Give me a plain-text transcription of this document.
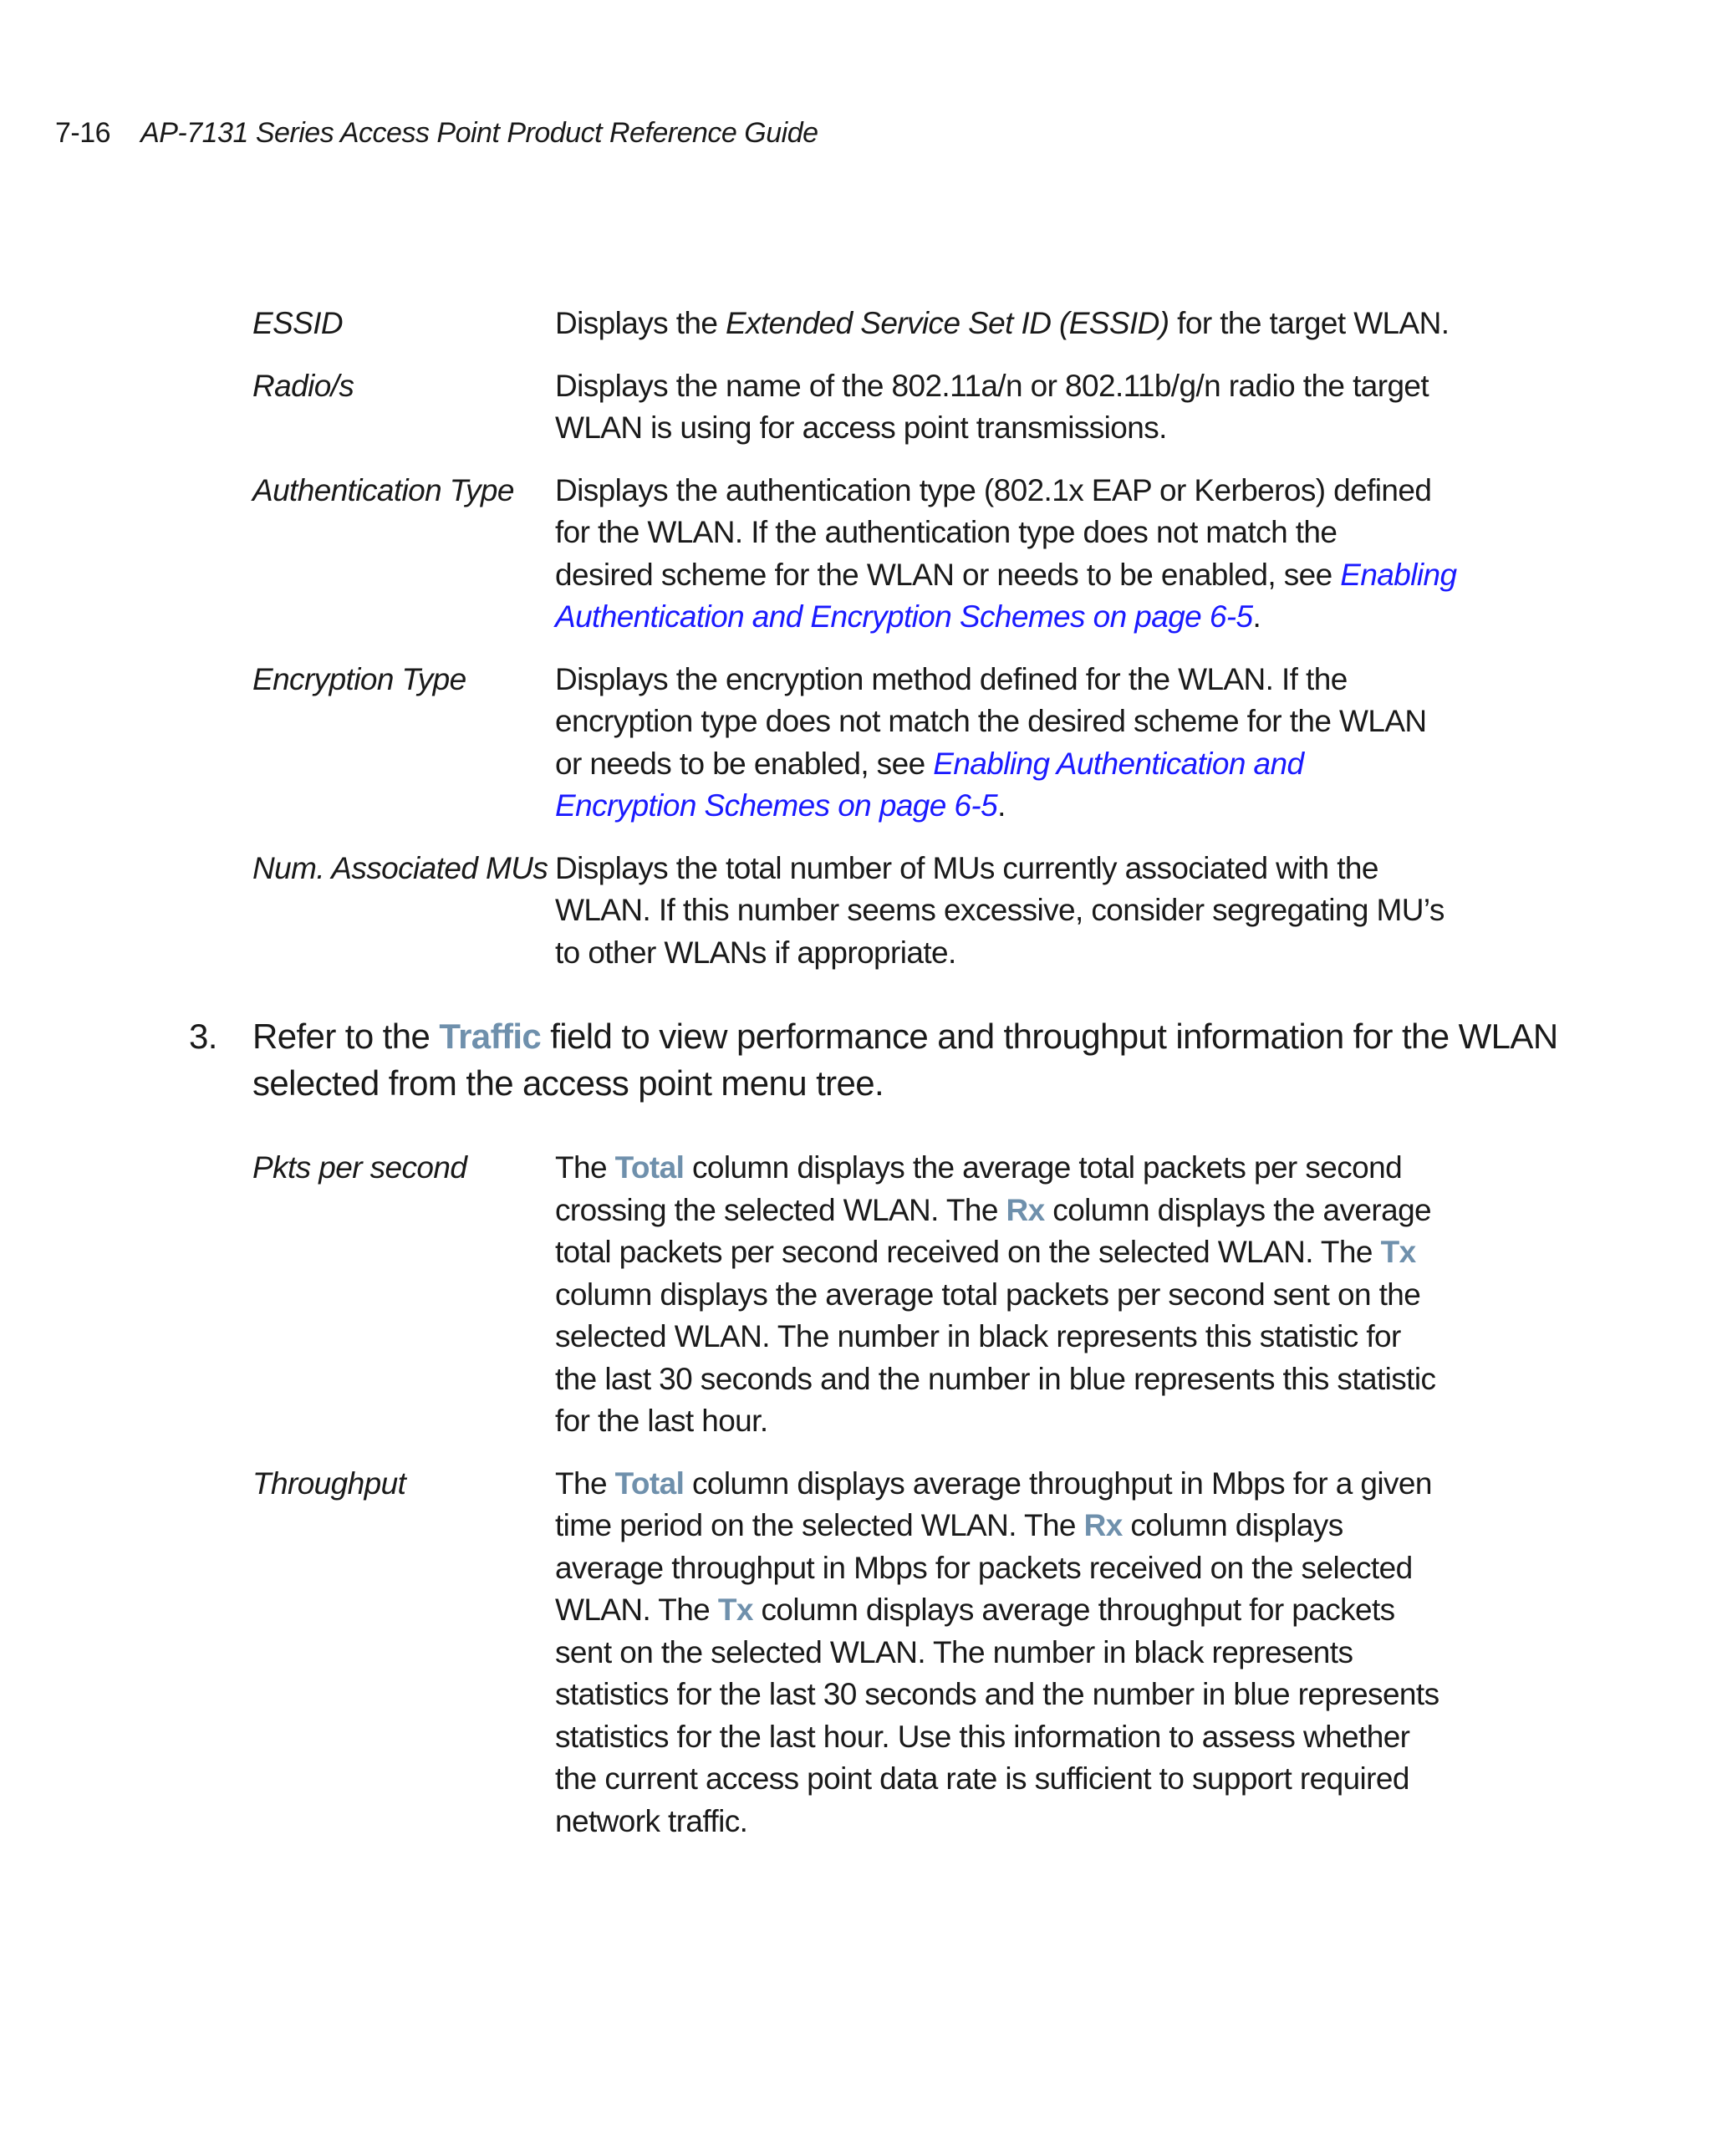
7-16 AP-7131 Series Access Point Product Reference Guide
ESSID	Displays the Extended Service Set ID (ESSID) for the target WLAN.
Radio/s	Displays the name of the 802.11a/n or 802.11b/g/n radio the target
WLAN is using for access point transmissions.
Authentication Type	Displays the authentication type (802.1x EAP or Kerberos) defined
for the WLAN. If the authentication type does not match the
desired scheme for the WLAN or needs to be enabled, see Enabling
Authentication and Encryption Schemes on page 6-5.
Encryption Type	Displays the encryption method defined for the WLAN. If the
encryption type does not match the desired scheme for the WLAN
or needs to be enabled, see Enabling Authentication and
Encryption Schemes on page 6-5.
Num. Associated MUs Displays the total number of MUs currently associated with the
WLAN. If this number seems excessive, consider segregating MU’s
to other WLANs if appropriate.
3.	Refer to the Traffic field to view performance and throughput information for the WLAN
selected from the access point menu tree.
Pkts per second	The Total column displays the average total packets per second
crossing the selected WLAN. The Rx column displays the average
total packets per second received on the selected WLAN. The Tx
column displays the average total packets per second sent on the
selected WLAN. The number in black represents this statistic for
the last 30 seconds and the number in blue represents this statistic
for the last hour.
Throughput	The Total column displays average throughput in Mbps for a given
time period on the selected WLAN. The Rx column displays
average throughput in Mbps for packets received on the selected
WLAN. The Tx column displays average throughput for packets
sent on the selected WLAN. The number in black represents
statistics for the last 30 seconds and the number in blue represents
statistics for the last hour. Use this information to assess whether
the current access point data rate is sufficient to support required
network traffic.
